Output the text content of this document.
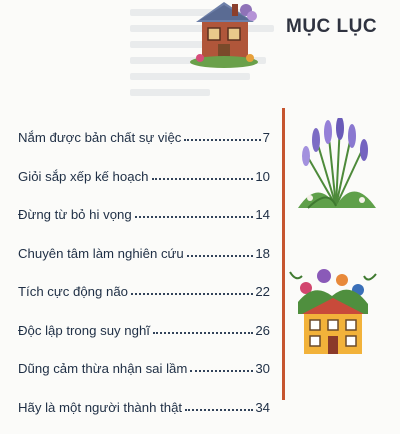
MỤC LỤC
Nắm được bản chất sự việc	7
Giỏi sắp xếp kế hoạch	10
Đừng từ bỏ hi vọng	14
Chuyên tâm làm nghiên cứu	18
Tích cực động não	22
Độc lập trong suy nghĩ	26
Dũng cảm thừa nhận sai lầm	30
Hãy là một người thành thật	34
